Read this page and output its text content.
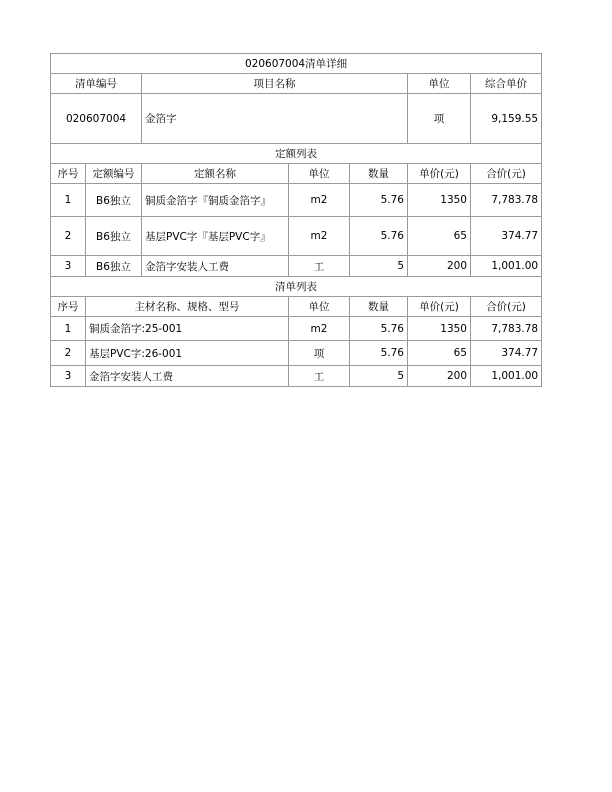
020607004清单详细						
清单编号		项目名称			单位	综合单价
020607004		金箔字			项	9,159.55
定额列表						
序号	定额编号	定额名称	单位	数量	单价(元)	合价(元)
1	B6独立	铜质金箔字『铜质金箔字』	m2	5.76	1350	7,783.78
2	B6独立	基层PVC字『基层PVC字』	m2	5.76	65	374.77
3	B6独立	金箔字安装人工费	工	5	200	1,001.00
清单列表						
序号	主材名称、规格、型号		单位	数量	单价(元)	合价(元)
1	铜质金箔字:25-001		m2	5.76	1350	7,783.78
2	基层PVC字:26-001		项	5.76	65	374.77
3	金箔字安装人工费		工	5	200	1,001.00
